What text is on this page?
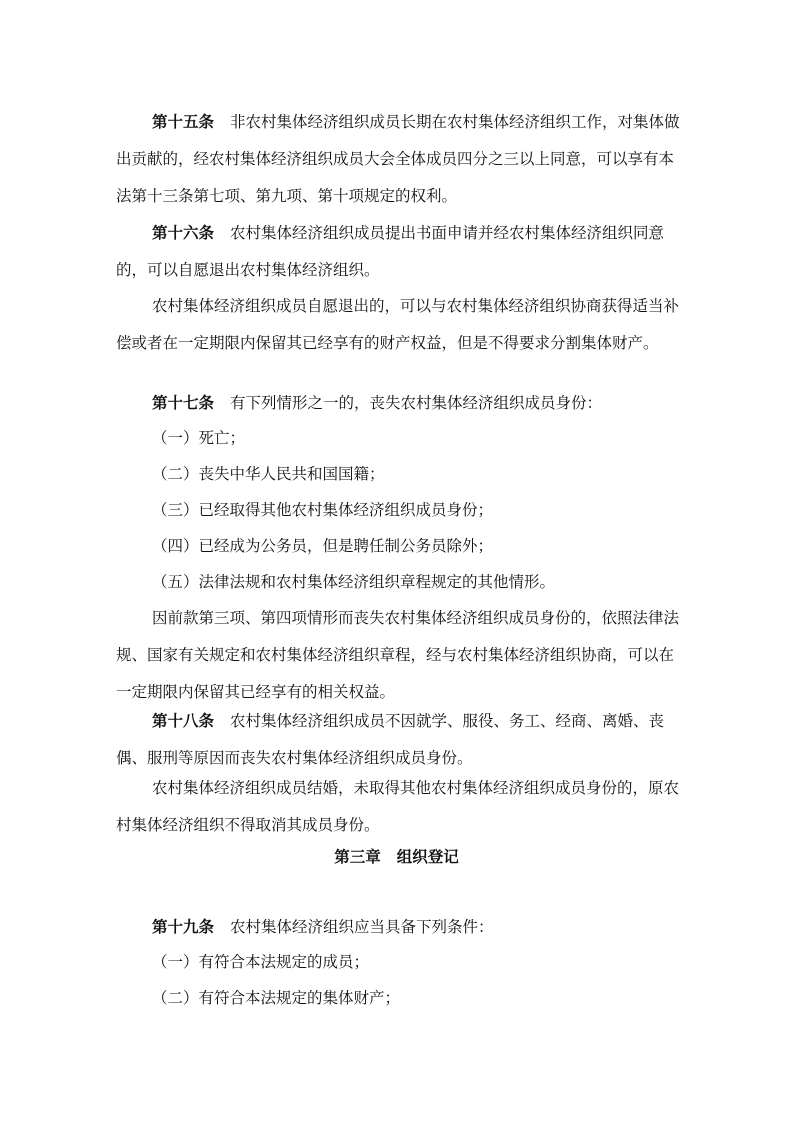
第十五条 非农村集体经济组织成员长期在农村集体经济组织工作，对集体做出贡献的，经农村集体经济组织成员大会全体成员四分之三以上同意，可以享有本法第十三条第七项、第九项、第十项规定的权利。

第十六条 农村集体经济组织成员提出书面申请并经农村集体经济组织同意的，可以自愿退出农村集体经济组织。

农村集体经济组织成员自愿退出的，可以与农村集体经济组织协商获得适当补偿或者在一定期限内保留其已经享有的财产权益，但是不得要求分割集体财产。

第十七条 有下列情形之一的，丧失农村集体经济组织成员身份：

（一）死亡；

（二）丧失中华人民共和国国籍；

（三）已经取得其他农村集体经济组织成员身份；

（四）已经成为公务员，但是聘任制公务员除外；

（五）法律法规和农村集体经济组织章程规定的其他情形。

因前款第三项、第四项情形而丧失农村集体经济组织成员身份的，依照法律法规、国家有关规定和农村集体经济组织章程，经与农村集体经济组织协商，可以在一定期限内保留其已经享有的相关权益。

第十八条 农村集体经济组织成员不因就学、服役、务工、经商、离婚、丧偶、服刑等原因而丧失农村集体经济组织成员身份。

农村集体经济组织成员结婚，未取得其他农村集体经济组织成员身份的，原农村集体经济组织不得取消其成员身份。

第三章 组织登记

第十九条 农村集体经济组织应当具备下列条件：

（一）有符合本法规定的成员；

（二）有符合本法规定的集体财产；
